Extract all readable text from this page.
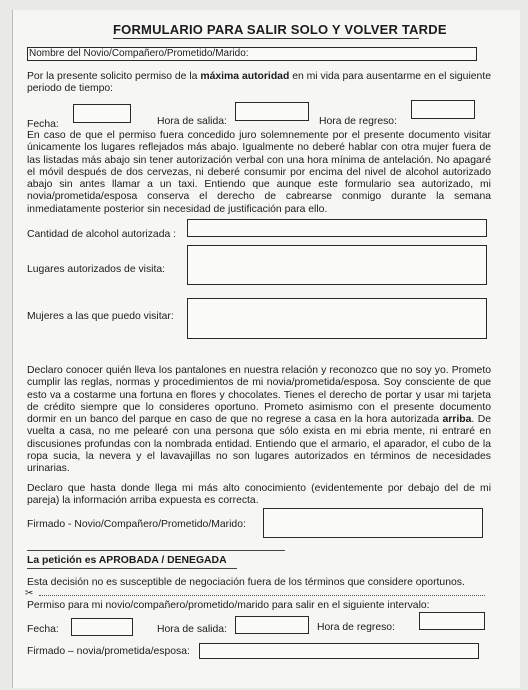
FORMULARIO PARA SALIR SOLO Y VOLVER TARDE
Nombre del Novio/Compañero/Prometido/Marido:
Por la presente solicito permiso de la máxima autoridad en mi vida para ausentarme en el siguiente periodo de tiempo:
Fecha:	Hora de salida:	Hora de regreso:
En caso de que el permiso fuera concedido juro solemnemente por el presente documento visitar únicamente los lugares reflejados más abajo. Igualmente no deberé hablar con otra mujer fuera de las listadas más abajo sin tener autorización verbal con una hora mínima de antelación. No apagaré el móvil después de dos cervezas, ni deberé consumir por encima del nivel de alcohol autorizado abajo sin antes llamar a un taxi. Entiendo que aunque este formulario sea autorizado, mi novia/prometida/esposa conserva el derecho de cabrearse conmigo durante la semana inmediatamente posterior sin necesidad de justificación para ello.
Cantidad de alcohol autorizada :
Lugares autorizados de visita:
Mujeres a las que puedo visitar:
Declaro conocer quién lleva los pantalones en nuestra relación y reconozco que no soy yo. Prometo cumplir las reglas, normas y procedimientos de mi novia/prometida/esposa. Soy consciente de que esto va a costarme una fortuna en flores y chocolates. Tienes el derecho de portar y usar mi tarjeta de crédito siempre que lo consideres oportuno. Prometo asimismo con el presente documento dormir en un banco del parque en caso de que no regrese a casa en la hora autorizada arriba. De vuelta a casa, no me pelearé con una persona que sólo exista en mi ebria mente, ni entraré en discusiones profundas con la nombrada entidad. Entiendo que el armario, el aparador, el cubo de la ropa sucia, la nevera y el lavavajillas no son lugares autorizados en términos de necesidades urinarias.
Declaro que hasta donde llega mi más alto conocimiento (evidentemente por debajo del de mi pareja) la información arriba expuesta es correcta.
Firmado - Novio/Compañero/Prometido/Marido:
La petición es APROBADA / DENEGADA
Esta decisión no es susceptible de negociación fuera de los términos que considere oportunos.
✂
Permiso para mi novio/compañero/prometido/marido para salir en el siguiente intervalo:
Fecha:	Hora de salida:	Hora de regreso:
Firmado – novia/prometida/esposa:
